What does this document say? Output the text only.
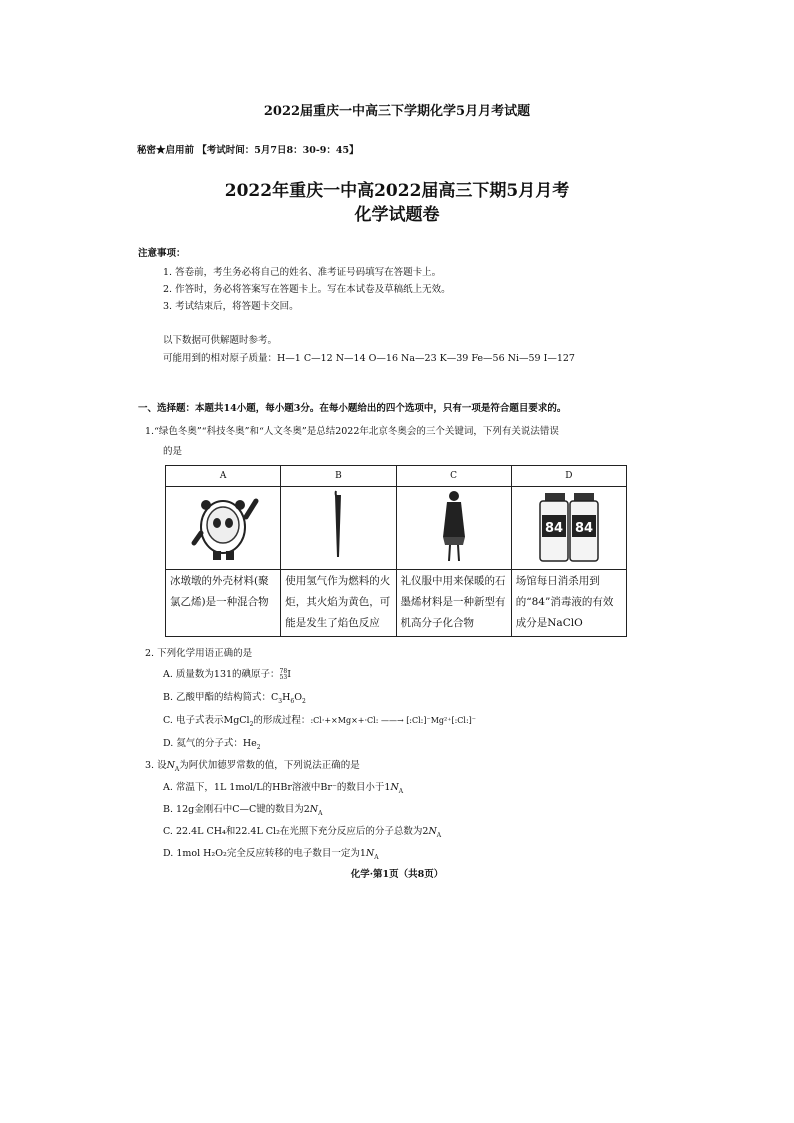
2022届重庆一中高三下学期化学5月月考试题
秘密★启用前 【考试时间：5月7日8：30-9：45】
2022年重庆一中高2022届高三下期5月月考
化学试题卷
注意事项：
1. 答卷前，考生务必将自己的姓名、准考证号码填写在答题卡上。
2. 作答时，务必将答案写在答题卡上。写在本试卷及草稿纸上无效。
3. 考试结束后，将答题卡交回。
以下数据可供解题时参考。
可能用到的相对原子质量：H—1 C—12 N—14 O—16 Na—23 K—39 Fe—56 Ni—59 I—127
一、选择题：本题共14小题，每小题3分。在每小题给出的四个选项中，只有一项是符合题目要求的。
1.“绿色冬奥”“科技冬奥”和“人文冬奥”是总结2022年北京冬奥会的三个关键词，下列有关说法错误
的是
A	B	C	D

84 84

冰墩墩的外壳材料(聚氯乙烯)是一种混合物	使用氢气作为燃料的火炬，其火焰为黄色，可能是发生了焰色反应	礼仪服中用来保暖的石墨烯材料是一种新型有机高分子化合物	场馆每日消杀用到的“84”消毒液的有效成分是NaClO
2. 下列化学用语正确的是
A. 质量数为131的碘原子：78
53I
B. 乙酸甲酯的结构简式：$C_3H_6O_2$
C. 电子式表示MgCl$_2$的形成过程：:Cl·+×Mg×+·Cl: ——→ [:Cl:]⁻Mg²⁺[:Cl:]⁻
D. 氦气的分子式：$He_2$
3. 设$N_A$为阿伏加德罗常数的值，下列说法正确的是
A. 常温下，1L 1mol/L的HBr溶液中Br⁻的数目小于$1N_A$
B. 12g金刚石中C—C键的数目为$2N_A$
C. 22.4L CH₄和22.4L Cl₂在光照下充分反应后的分子总数为$2N_A$
D. 1mol H₂O₂完全反应转移的电子数目一定为$1N_A$
化学·第1页（共8页）
